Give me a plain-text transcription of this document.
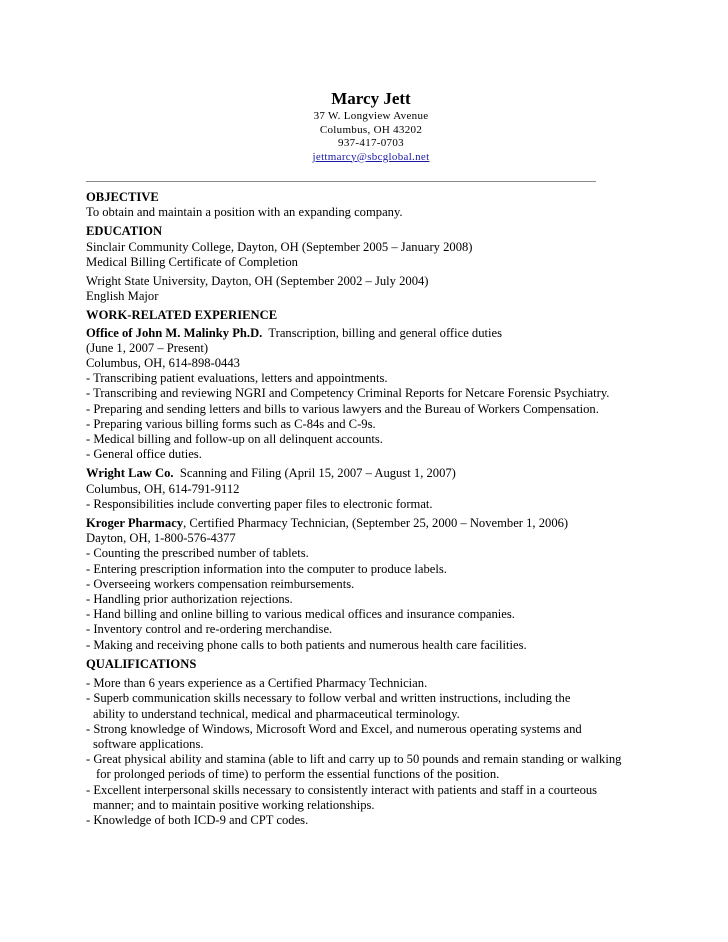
Marcy Jett
37 W. Longview Avenue
Columbus, OH 43202
937-417-0703
jettmarcy@sbcglobal.net
OBJECTIVE
To obtain and maintain a position with an expanding company.
EDUCATION
Sinclair Community College, Dayton, OH (September 2005 – January 2008)
Medical Billing Certificate of Completion
Wright State University, Dayton, OH (September 2002 – July 2004)
English Major
WORK-RELATED EXPERIENCE
Office of John M. Malinky Ph.D.  Transcription, billing and general office duties
(June 1, 2007 – Present)
Columbus, OH, 614-898-0443
- Transcribing patient evaluations, letters and appointments.
- Transcribing and reviewing NGRI and Competency Criminal Reports for Netcare Forensic Psychiatry.
- Preparing and sending letters and bills to various lawyers and the Bureau of Workers Compensation.
- Preparing various billing forms such as C-84s and C-9s.
- Medical billing and follow-up on all delinquent accounts.
- General office duties.
Wright Law Co.  Scanning and Filing (April 15, 2007 – August 1, 2007)
Columbus, OH, 614-791-9112
- Responsibilities include converting paper files to electronic format.
Kroger Pharmacy, Certified Pharmacy Technician, (September 25, 2000 – November 1, 2006)
Dayton, OH, 1-800-576-4377
- Counting the prescribed number of tablets.
- Entering prescription information into the computer to produce labels.
- Overseeing workers compensation reimbursements.
- Handling prior authorization rejections.
- Hand billing and online billing to various medical offices and insurance companies.
- Inventory control and re-ordering merchandise.
- Making and receiving phone calls to both patients and numerous health care facilities.
QUALIFICATIONS
- More than 6 years experience as a Certified Pharmacy Technician.
- Superb communication skills necessary to follow verbal and written instructions, including the
ability to understand technical, medical and pharmaceutical terminology.
- Strong knowledge of Windows, Microsoft Word and Excel, and numerous operating systems and
software applications.
- Great physical ability and stamina (able to lift and carry up to 50 pounds and remain standing or walking
for prolonged periods of time) to perform the essential functions of the position.
- Excellent interpersonal skills necessary to consistently interact with patients and staff in a courteous
manner; and to maintain positive working relationships.
- Knowledge of both ICD-9 and CPT codes.
